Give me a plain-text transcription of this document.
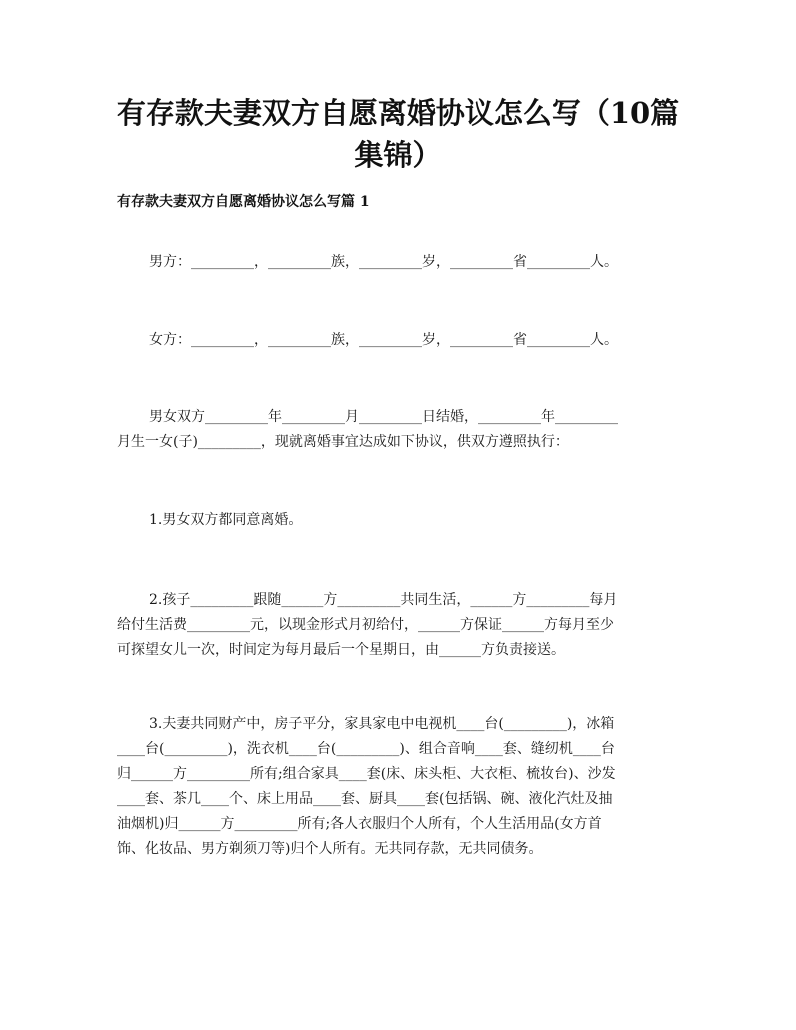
有存款夫妻双方自愿离婚协议怎么写（10篇
集锦）
有存款夫妻双方自愿离婚协议怎么写篇 1
男方：_________，_________族，_________岁，_________省_________人。
女方：_________，_________族，_________岁，_________省_________人。
男女双方_________年_________月_________日结婚，_________年_________
月生一女(子)_________，现就离婚事宜达成如下协议，供双方遵照执行：
1.男女双方都同意离婚。
2.孩子_________跟随______方_________共同生活，______方_________每月
给付生活费_________元，以现金形式月初给付，______方保证______方每月至少
可探望女儿一次，时间定为每月最后一个星期日，由______方负责接送。
3.夫妻共同财产中，房子平分，家具家电中电视机____台(_________)，冰箱
____台(_________)，洗衣机____台(_________)、组合音响____套、缝纫机____台
归______方_________所有;组合家具____套(床、床头柜、大衣柜、梳妆台)、沙发
____套、茶几____个、床上用品____套、厨具____套(包括锅、碗、液化汽灶及抽
油烟机)归______方_________所有;各人衣服归个人所有，个人生活用品(女方首
饰、化妆品、男方剃须刀等)归个人所有。无共同存款，无共同债务。
